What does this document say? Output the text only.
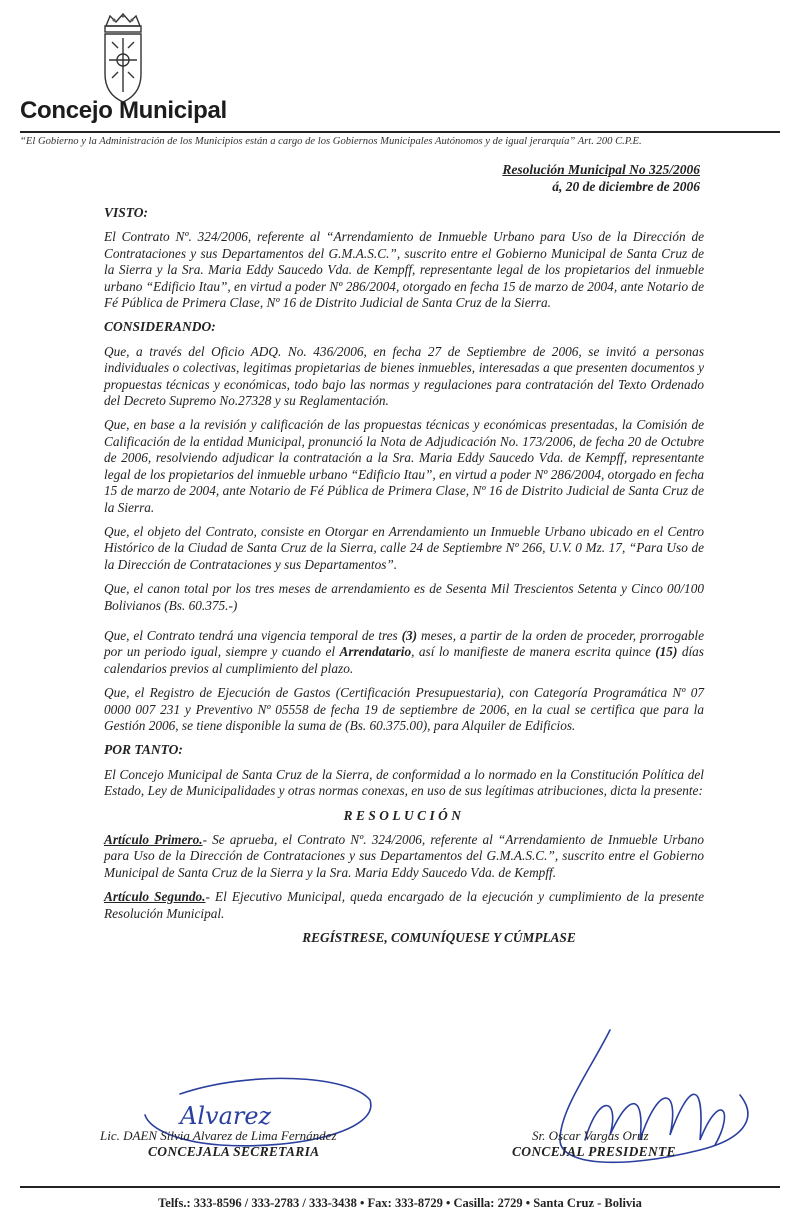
Concejo Municipal
“El Gobierno y la Administración de los Municipios están a cargo de los Gobiernos Municipales Autónomos y de igual jerarquía” Art. 200 C.P.E.
Resolución Municipal No 325/2006
á, 20 de diciembre de 2006
VISTO:

El Contrato Nº. 324/2006, referente al “Arrendamiento de Inmueble Urbano para Uso de la Dirección de Contrataciones y sus Departamentos del G.M.A.S.C.”, suscrito entre el Gobierno Municipal de Santa Cruz de la Sierra y la Sra. Maria Eddy Saucedo Vda. de Kempff, representante legal de los propietarios del inmueble urbano “Edificio Itau”, en virtud a poder Nº 286/2004, otorgado en fecha 15 de marzo de 2004, ante Notario de Fé Pública de Primera Clase, Nº 16 de Distrito Judicial de Santa Cruz de la Sierra.

CONSIDERANDO:

Que, a través del Oficio ADQ. No. 436/2006, en fecha 27 de Septiembre de 2006, se invitó a personas individuales o colectivas, legitimas propietarias de bienes inmuebles, interesadas a que presenten documentos y propuestas técnicas y económicas, todo bajo las normas y regulaciones para contratación del Texto Ordenado del Decreto Supremo No.27328 y su Reglamentación.

Que, en base a la revisión y calificación de las propuestas técnicas y económicas presentadas, la Comisión de Calificación de la entidad Municipal, pronunció la Nota de Adjudicación No. 173/2006, de fecha 20 de Octubre de 2006, resolviendo adjudicar la contratación a la Sra. Maria Eddy Saucedo Vda. de Kempff, representante legal de los propietarios del inmueble urbano “Edificio Itau”, en virtud a poder Nº 286/2004, otorgado en fecha 15 de marzo de 2004, ante Notario de Fé Pública de Primera Clase, Nº 16 de Distrito Judicial de Santa Cruz de la Sierra.

Que, el objeto del Contrato, consiste en Otorgar en Arrendamiento un Inmueble Urbano ubicado en el Centro Histórico de la Ciudad de Santa Cruz de la Sierra, calle 24 de Septiembre Nº 266, U.V. 0 Mz. 17, “Para Uso de la Dirección de Contrataciones y sus Departamentos”.

Que, el canon total por los tres meses de arrendamiento es de Sesenta Mil Trescientos Setenta y Cinco 00/100 Bolivianos (Bs. 60.375.-)

Que, el Contrato tendrá una vigencia temporal de tres (3) meses, a partir de la orden de proceder, prorrogable por un periodo igual, siempre y cuando el Arrendatario, así lo manifieste de manera escrita quince (15) días calendarios previos al cumplimiento del plazo.

Que, el Registro de Ejecución de Gastos (Certificación Presupuestaria), con Categoría Programática Nº 07 0000 007 231 y Preventivo Nº 05558 de fecha 19 de septiembre de 2006, en la cual se certifica que para la Gestión 2006, se tiene disponible la suma de (Bs. 60.375.00), para Alquiler de Edificios.

POR TANTO:

El Concejo Municipal de Santa Cruz de la Sierra, de conformidad a lo normado en la Constitución Política del Estado, Ley de Municipalidades y otras normas conexas, en uso de sus legítimas atribuciones, dicta la presente:

RESOLUCIÓN

Artículo Primero.- Se aprueba, el Contrato Nº. 324/2006, referente al “Arrendamiento de Inmueble Urbano para Uso de la Dirección de Contrataciones y sus Departamentos del G.M.A.S.C.”, suscrito entre el Gobierno Municipal de Santa Cruz de la Sierra y la Sra. Maria Eddy Saucedo Vda. de Kempff.

Artículo Segundo.- El Ejecutivo Municipal, queda encargado de la ejecución y cumplimiento de la presente Resolución Municipal.

REGÍSTRESE, COMUNÍQUESE Y CÚMPLASE
Alvarez
Lic. DAEN Silvia Alvarez de Lima Fernández
CONCEJALA SECRETARIA
Sr. Oscar Vargas Oruz
CONCEJAL PRESIDENTE
Telfs.: 333-8596 / 333-2783 / 333-3438 • Fax: 333-8729 • Casilla: 2729 • Santa Cruz - Bolivia
